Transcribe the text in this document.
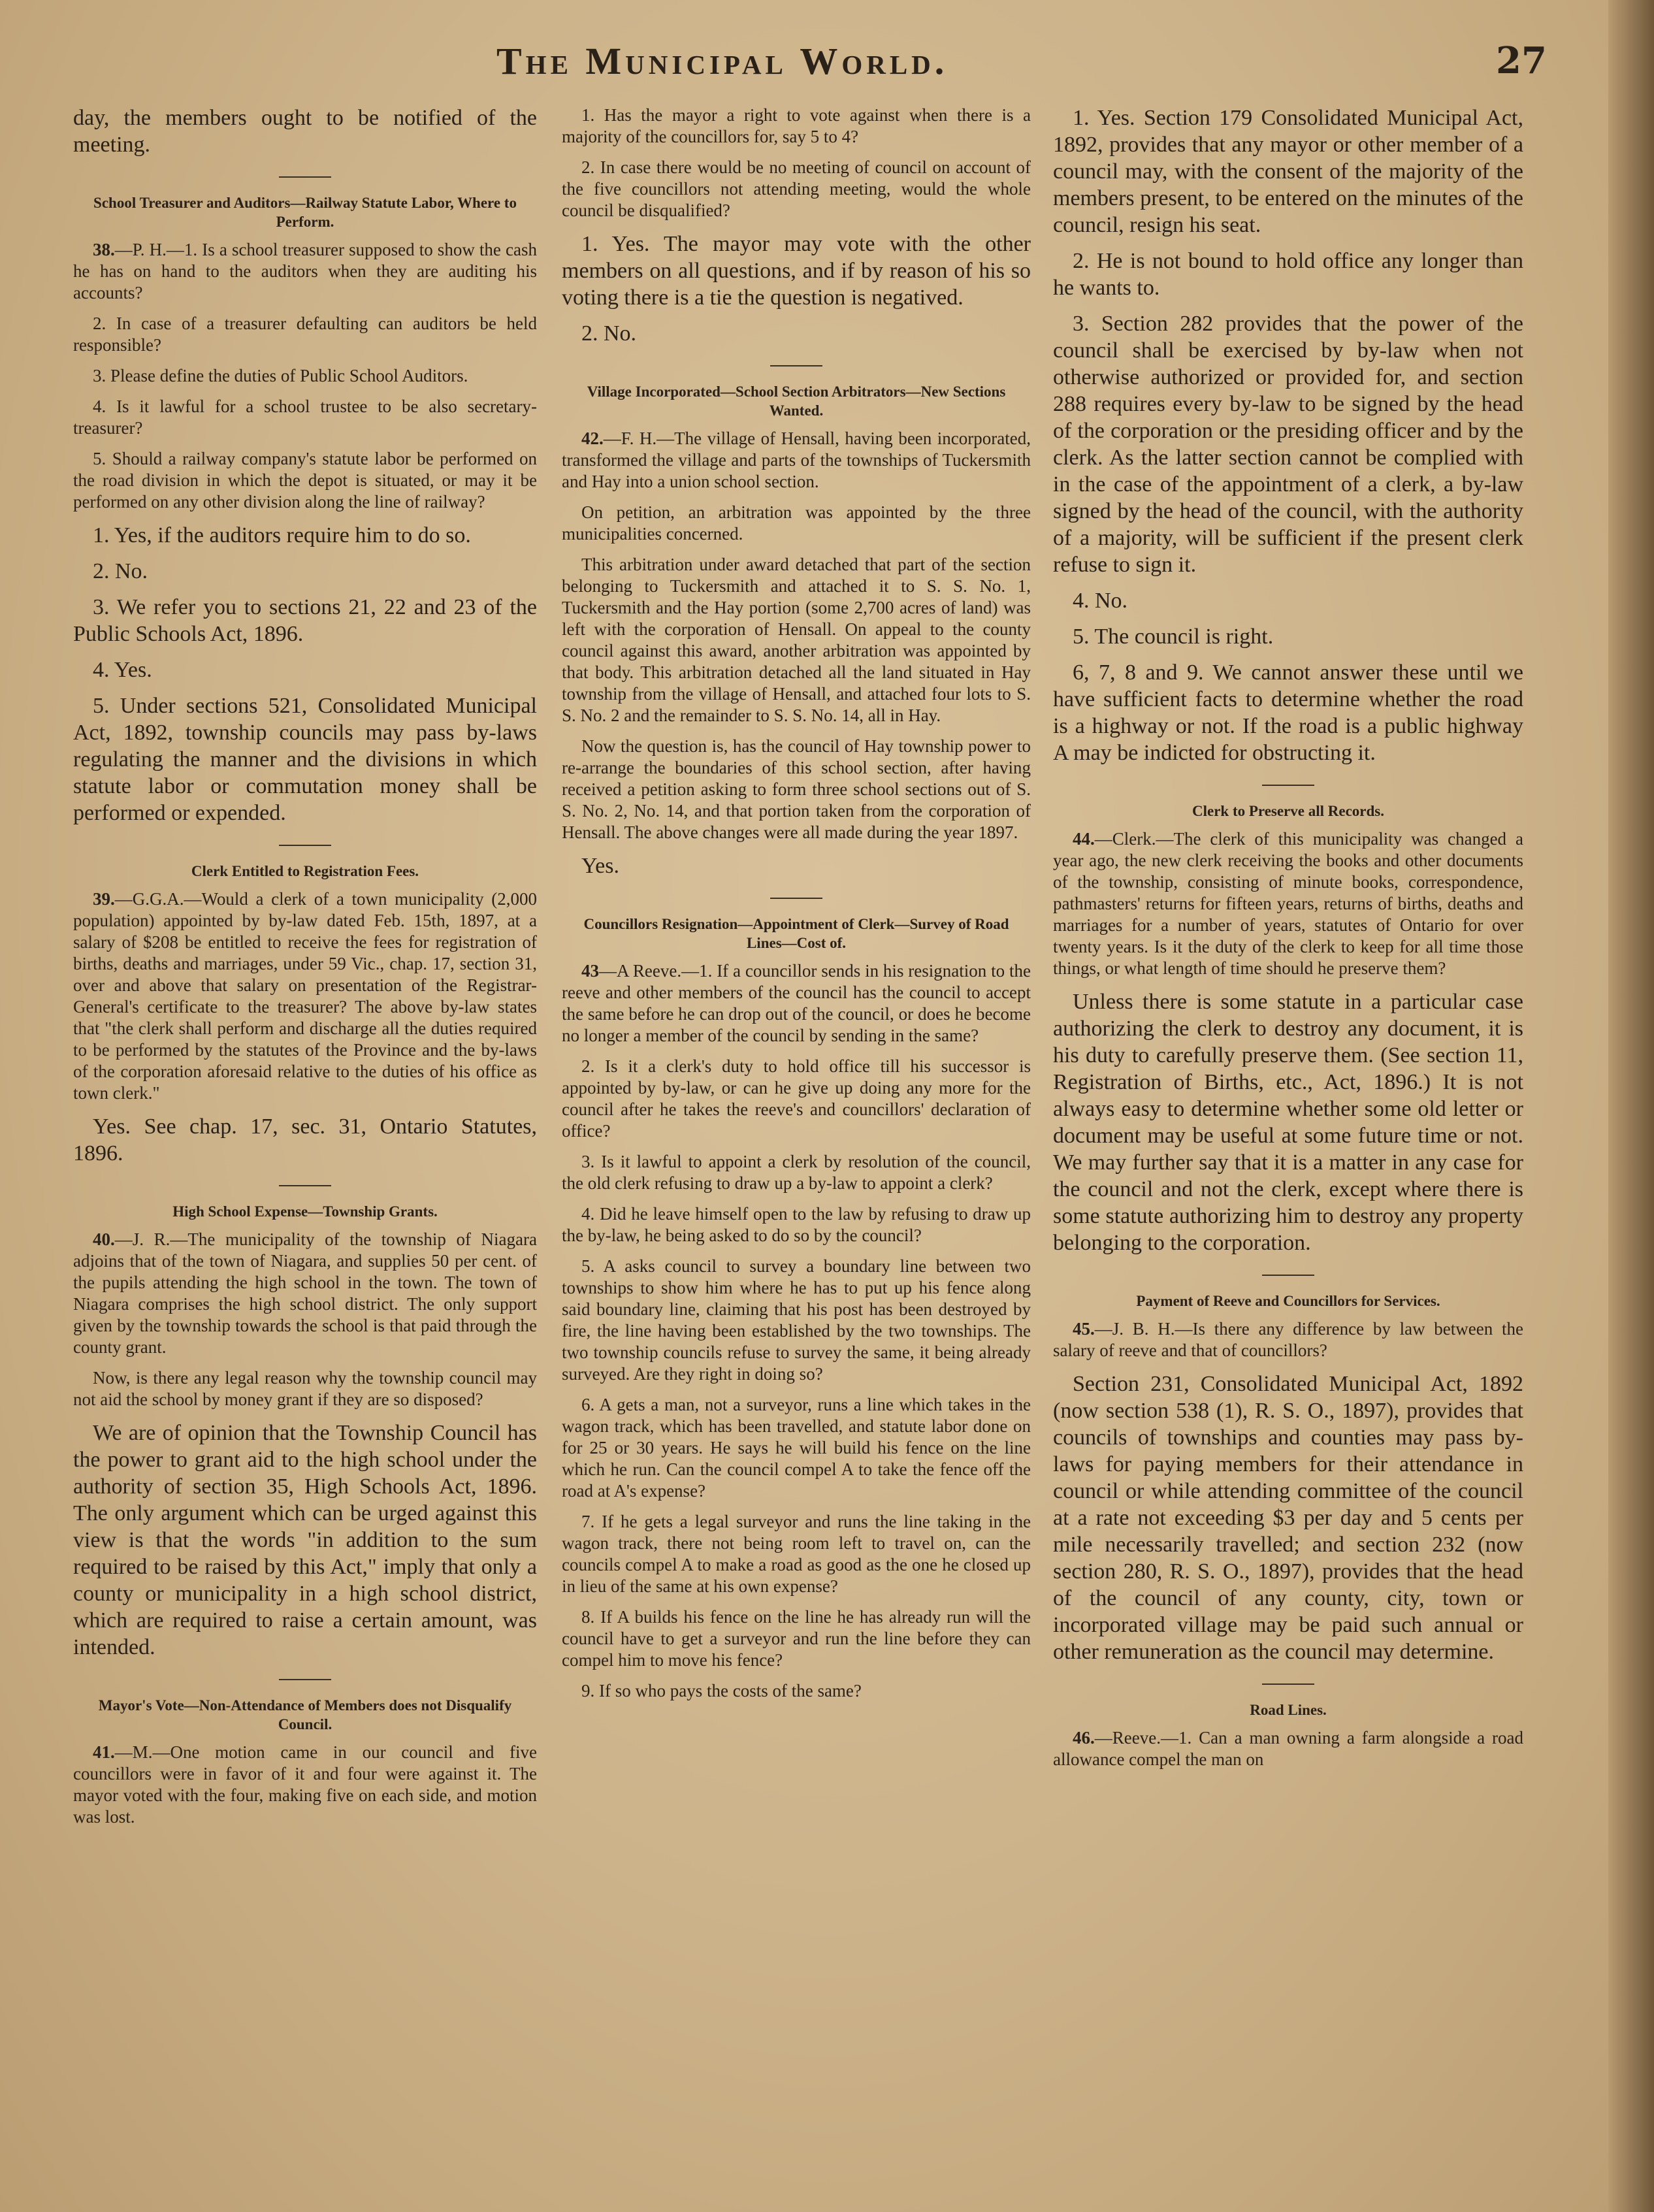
The Municipal World.	27

day, the members ought to be notified of the meeting.

School Treasurer and Auditors—Railway Statute Labor, Where to Perform.

38.—P. H.—1. Is a school treasurer supposed to show the cash he has on hand to the auditors when they are auditing his accounts?

2. In case of a treasurer defaulting can auditors be held responsible?

3. Please define the duties of Public School Auditors.

4. Is it lawful for a school trustee to be also secretary-treasurer?

5. Should a railway company's statute labor be performed on the road division in which the depot is situated, or may it be performed on any other division along the line of railway?

1. Yes, if the auditors require him to do so.

2. No.

3. We refer you to sections 21, 22 and 23 of the Public Schools Act, 1896.

4. Yes.

5. Under sections 521, Consolidated Municipal Act, 1892, township councils may pass by-laws regulating the manner and the divisions in which statute labor or commutation money shall be performed or expended.

Clerk Entitled to Registration Fees.

39.—G.G.A.—Would a clerk of a town municipality (2,000 population) appointed by by-law dated Feb. 15th, 1897, at a salary of $208 be entitled to receive the fees for registration of births, deaths and marriages, under 59 Vic., chap. 17, section 31, over and above that salary on presentation of the Registrar-General's certificate to the treasurer? The above by-law states that "the clerk shall perform and discharge all the duties required to be performed by the statutes of the Province and the by-laws of the corporation aforesaid relative to the duties of his office as town clerk."

Yes. See chap. 17, sec. 31, Ontario Statutes, 1896.

High School Expense—Township Grants.

40.—J. R.—The municipality of the township of Niagara adjoins that of the town of Niagara, and supplies 50 per cent. of the pupils attending the high school in the town. The town of Niagara comprises the high school district. The only support given by the township towards the school is that paid through the county grant.

Now, is there any legal reason why the township council may not aid the school by money grant if they are so disposed?

We are of opinion that the Township Council has the power to grant aid to the high school under the authority of section 35, High Schools Act, 1896. The only argument which can be urged against this view is that the words "in addition to the sum required to be raised by this Act," imply that only a county or municipality in a high school district, which are required to raise a certain amount, was intended.

Mayor's Vote—Non-Attendance of Members does not Disqualify Council.

41.—M.—One motion came in our council and five councillors were in favor of it and four were against it. The mayor voted with the four, making five on each side, and motion was lost.

1. Has the mayor a right to vote against when there is a majority of the councillors for, say 5 to 4?

2. In case there would be no meeting of council on account of the five councillors not attending meeting, would the whole council be disqualified?

1. Yes. The mayor may vote with the other members on all questions, and if by reason of his so voting there is a tie the question is negatived.

2. No.

Village Incorporated—School Section Arbitrators—New Sections Wanted.

42.—F. H.—The village of Hensall, having been incorporated, transformed the village and parts of the townships of Tuckersmith and Hay into a union school section.

On petition, an arbitration was appointed by the three municipalities concerned.

This arbitration under award detached that part of the section belonging to Tuckersmith and attached it to S. S. No. 1, Tuckersmith and the Hay portion (some 2,700 acres of land) was left with the corporation of Hensall. On appeal to the county council against this award, another arbitration was appointed by that body. This arbitration detached all the land situated in Hay township from the village of Hensall, and attached four lots to S. S. No. 2 and the remainder to S. S. No. 14, all in Hay.

Now the question is, has the council of Hay township power to re-arrange the boundaries of this school section, after having received a petition asking to form three school sections out of S. S. No. 2, No. 14, and that portion taken from the corporation of Hensall. The above changes were all made during the year 1897.

Yes.

Councillors Resignation—Appointment of Clerk—Survey of Road Lines—Cost of.

43—A Reeve.—1. If a councillor sends in his resignation to the reeve and other members of the council has the council to accept the same before he can drop out of the council, or does he become no longer a member of the council by sending in the same?

2. Is it a clerk's duty to hold office till his successor is appointed by by-law, or can he give up doing any more for the council after he takes the reeve's and councillors' declaration of office?

3. Is it lawful to appoint a clerk by resolution of the council, the old clerk refusing to draw up a by-law to appoint a clerk?

4. Did he leave himself open to the law by refusing to draw up the by-law, he being asked to do so by the council?

5. A asks council to survey a boundary line between two townships to show him where he has to put up his fence along said boundary line, claiming that his post has been destroyed by fire, the line having been established by the two townships. The two township councils refuse to survey the same, it being already surveyed. Are they right in doing so?

6. A gets a man, not a surveyor, runs a line which takes in the wagon track, which has been travelled, and statute labor done on for 25 or 30 years. He says he will build his fence on the line which he run. Can the council compel A to take the fence off the road at A's expense?

7. If he gets a legal surveyor and runs the line taking in the wagon track, there not being room left to travel on, can the councils compel A to make a road as good as the one he closed up in lieu of the same at his own expense?

8. If A builds his fence on the line he has already run will the council have to get a surveyor and run the line before they can compel him to move his fence?

9. If so who pays the costs of the same?

1. Yes. Section 179 Consolidated Municipal Act, 1892, provides that any mayor or other member of a council may, with the consent of the majority of the members present, to be entered on the minutes of the council, resign his seat.

2. He is not bound to hold office any longer than he wants to.

3. Section 282 provides that the power of the council shall be exercised by by-law when not otherwise authorized or provided for, and section 288 requires every by-law to be signed by the head of the corporation or the presiding officer and by the clerk. As the latter section cannot be complied with in the case of the appointment of a clerk, a by-law signed by the head of the council, with the authority of a majority, will be sufficient if the present clerk refuse to sign it.

4. No.

5. The council is right.

6, 7, 8 and 9. We cannot answer these until we have sufficient facts to determine whether the road is a highway or not. If the road is a public highway A may be indicted for obstructing it.

Clerk to Preserve all Records.

44.—Clerk.—The clerk of this municipality was changed a year ago, the new clerk receiving the books and other documents of the township, consisting of minute books, correspondence, pathmasters' returns for fifteen years, returns of births, deaths and marriages for a number of years, statutes of Ontario for over twenty years. Is it the duty of the clerk to keep for all time those things, or what length of time should he preserve them?

Unless there is some statute in a particular case authorizing the clerk to destroy any document, it is his duty to carefully preserve them. (See section 11, Registration of Births, etc., Act, 1896.) It is not always easy to determine whether some old letter or document may be useful at some future time or not. We may further say that it is a matter in any case for the council and not the clerk, except where there is some statute authorizing him to destroy any property belonging to the corporation.

Payment of Reeve and Councillors for Services.

45.—J. B. H.—Is there any difference by law between the salary of reeve and that of councillors?

Section 231, Consolidated Municipal Act, 1892 (now section 538 (1), R. S. O., 1897), provides that councils of townships and counties may pass by-laws for paying members for their attendance in council or while attending committee of the council at a rate not exceeding $3 per day and 5 cents per mile necessarily travelled; and section 232 (now section 280, R. S. O., 1897), provides that the head of the council of any county, city, town or incorporated village may be paid such annual or other remuneration as the council may determine.

Road Lines.

46.—Reeve.—1. Can a man owning a farm alongside a road allowance compel the man on
